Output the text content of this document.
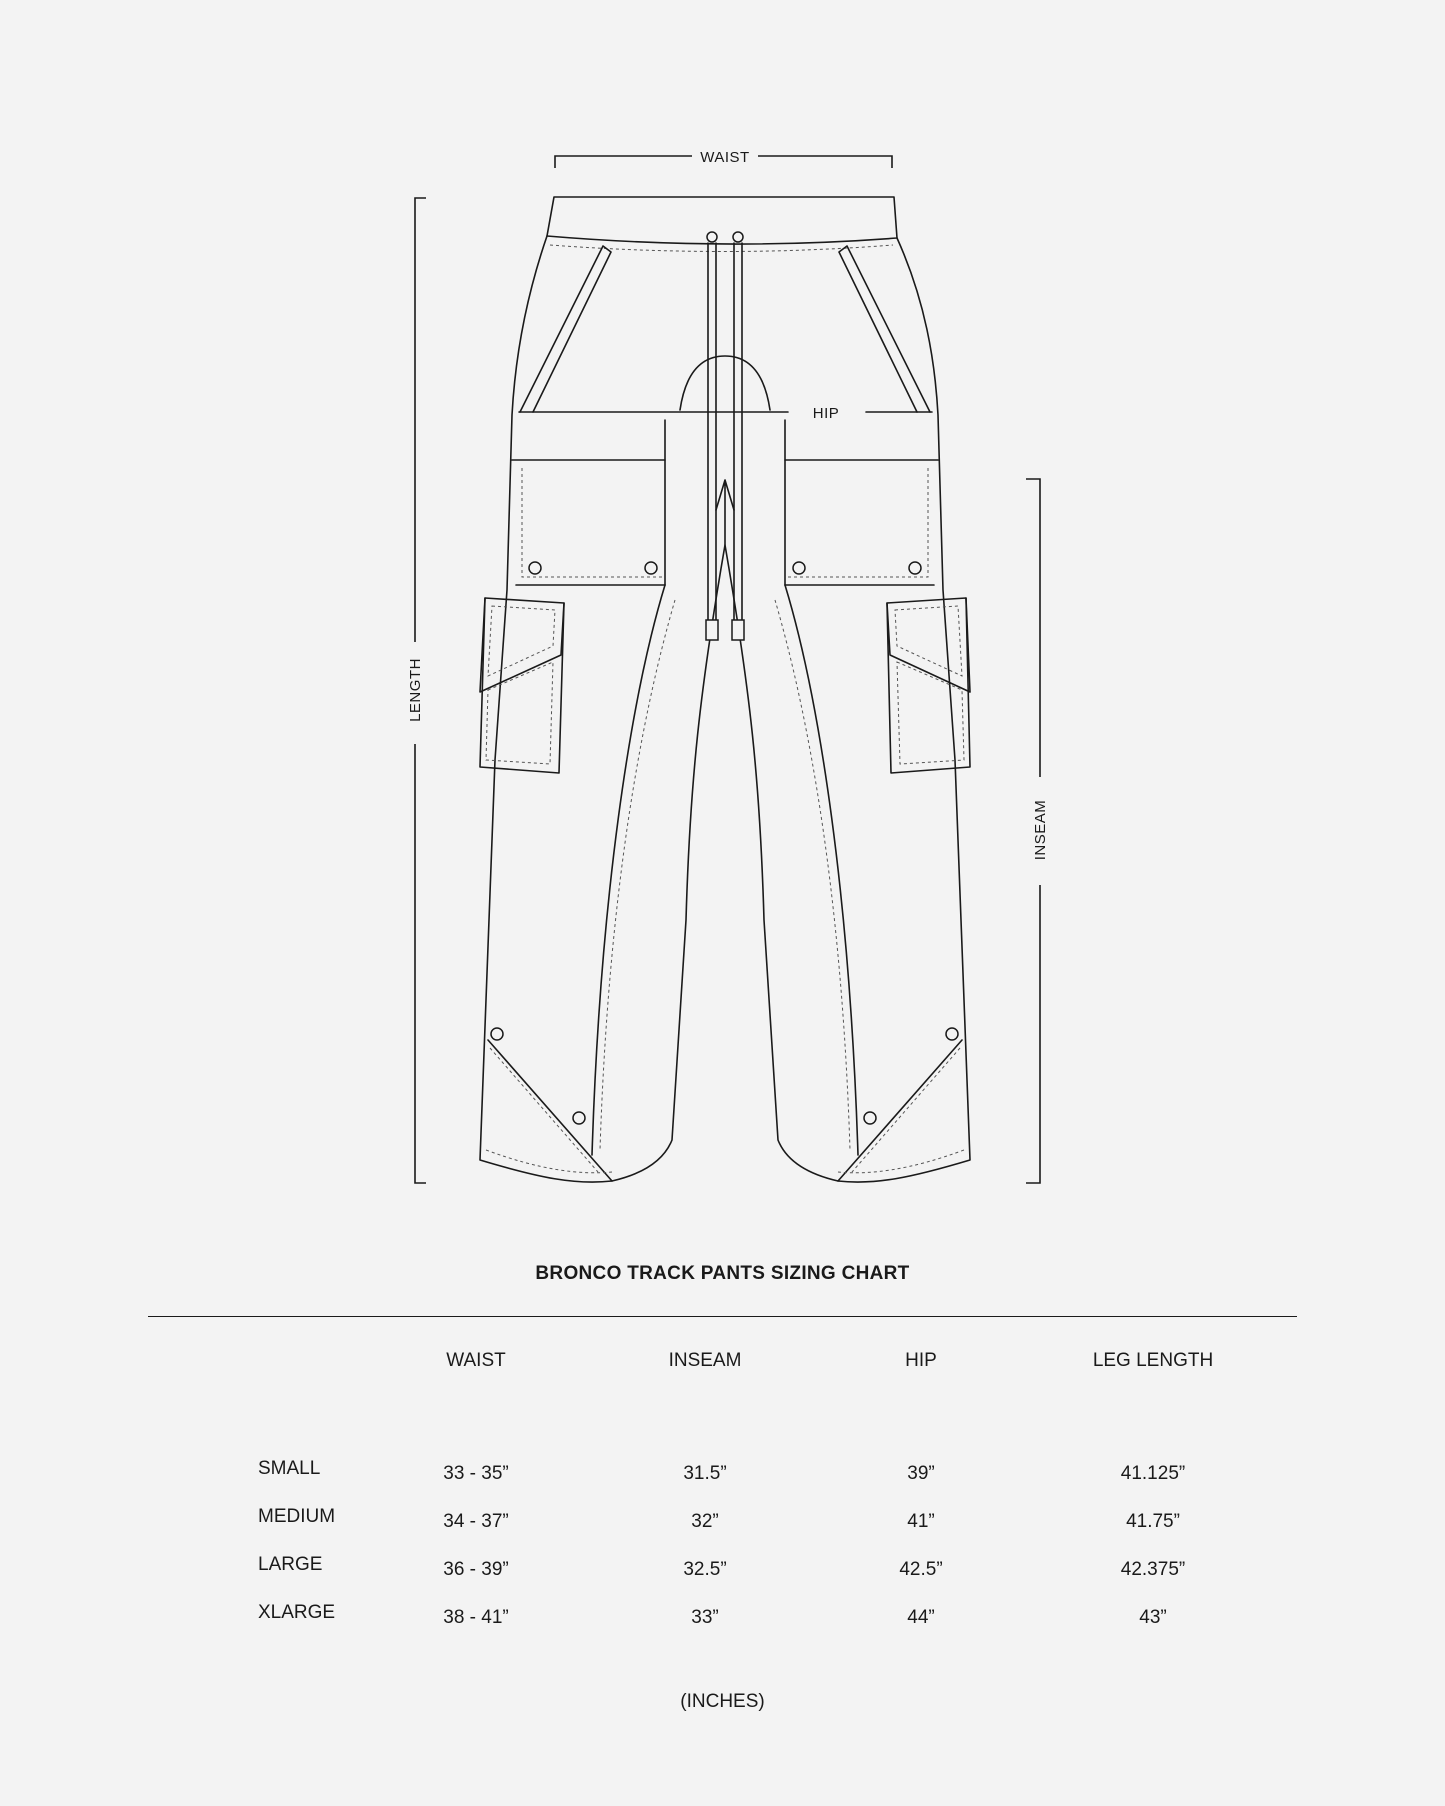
WAIST
LENGTH
INSEAM
HIP
BRONCO TRACK PANTS SIZING CHART
WAIST	INSEAM	HIP	LEG LENGTH
SMALL	33 - 35”	31.5”	39”	41.125”
MEDIUM	34 - 37”	32”	41”	41.75”
LARGE	36 - 39”	32.5”	42.5”	42.375”
XLARGE	38 - 41”	33”	44”	43”
(INCHES)
